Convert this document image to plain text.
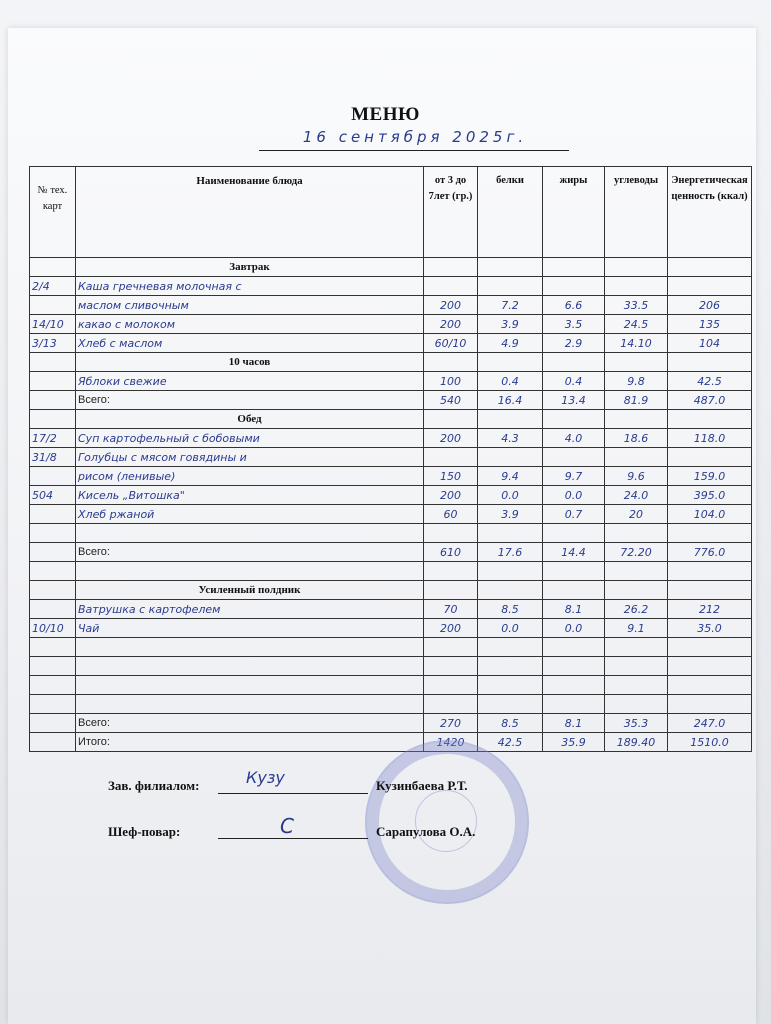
МЕНЮ
16 сентября 2025г.
№ тех. карт	Наименование блюда	от 3 до 7лет (гр.)	белки	жиры	углеводы	Энергетическая ценность (ккал)
	Завтрак					
2/4	Каша гречневая молочная с					
	маслом сливочным	200	7.2	6.6	33.5	206
14/10	какао с молоком	200	3.9	3.5	24.5	135
3/13	Хлеб с маслом	60/10	4.9	2.9	14.10	104
	10 часов					
	Яблоки свежие	100	0.4	0.4	9.8	42.5
	Всего:	540	16.4	13.4	81.9	487.0
	Обед					
17/2	Суп картофельный с бобовыми	200	4.3	4.0	18.6	118.0
31/8	Голубцы с мясом говядины и					
	рисом (ленивые)	150	9.4	9.7	9.6	159.0
504	Кисель „Витошка"	200	0.0	0.0	24.0	395.0
	Хлеб ржаной	60	3.9	0.7	20	104.0

	Всего:	610	17.6	14.4	72.20	776.0

	Усиленный полдник					
	Ватрушка с картофелем	70	8.5	8.1	26.2	212
10/10	Чай	200	0.0	0.0	9.1	35.0

	Всего:	270	8.5	8.1	35.3	247.0
	Итого:	1420	42.5	35.9	189.40	1510.0
Зав. филиалом:	Кузу	Кузинбаева Р.Т.
Шеф-повар:	С	Сарапулова О.А.
